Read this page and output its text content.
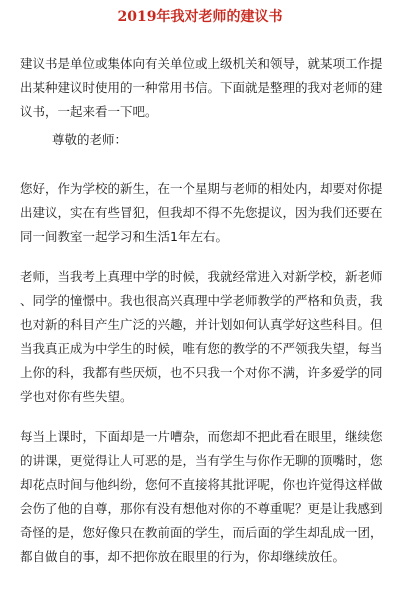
2019年我对老师的建议书
建议书是单位或集体向有关单位或上级机关和领导，就某项工作提
出某种建议时使用的一种常用书信。下面就是整理的我对老师的建
议书，一起来看一下吧。
尊敬的老师：
您好，作为学校的新生，在一个星期与老师的相处内，却要对你提
出建议，实在有些冒犯，但我却不得不先您提议，因为我们还要在
同一间教室一起学习和生活1年左右。
老师，当我考上真理中学的时候，我就经常进入对新学校，新老师
、同学的憧憬中。我也很高兴真理中学老师教学的严格和负责，我
也对新的科目产生广泛的兴趣，并计划如何认真学好这些科目。但
当我真正成为中学生的时候，唯有您的教学的不严领我失望，每当
上你的科，我都有些厌烦，也不只我一个对你不满，许多爱学的同
学也对你有些失望。
每当上课时，下面却是一片嘈杂，而您却不把此看在眼里，继续您
的讲课，更觉得让人可恶的是，当有学生与你作无聊的顶嘴时，您
却花点时间与他纠纷，您何不直接将其批评呢，你也许觉得这样做
会伤了他的自尊，那你有没有想他对你的不尊重呢？更是让我感到
奇怪的是，您好像只在教前面的学生，而后面的学生却乱成一团，
都自做自的事，却不把你放在眼里的行为，你却继续放任。
